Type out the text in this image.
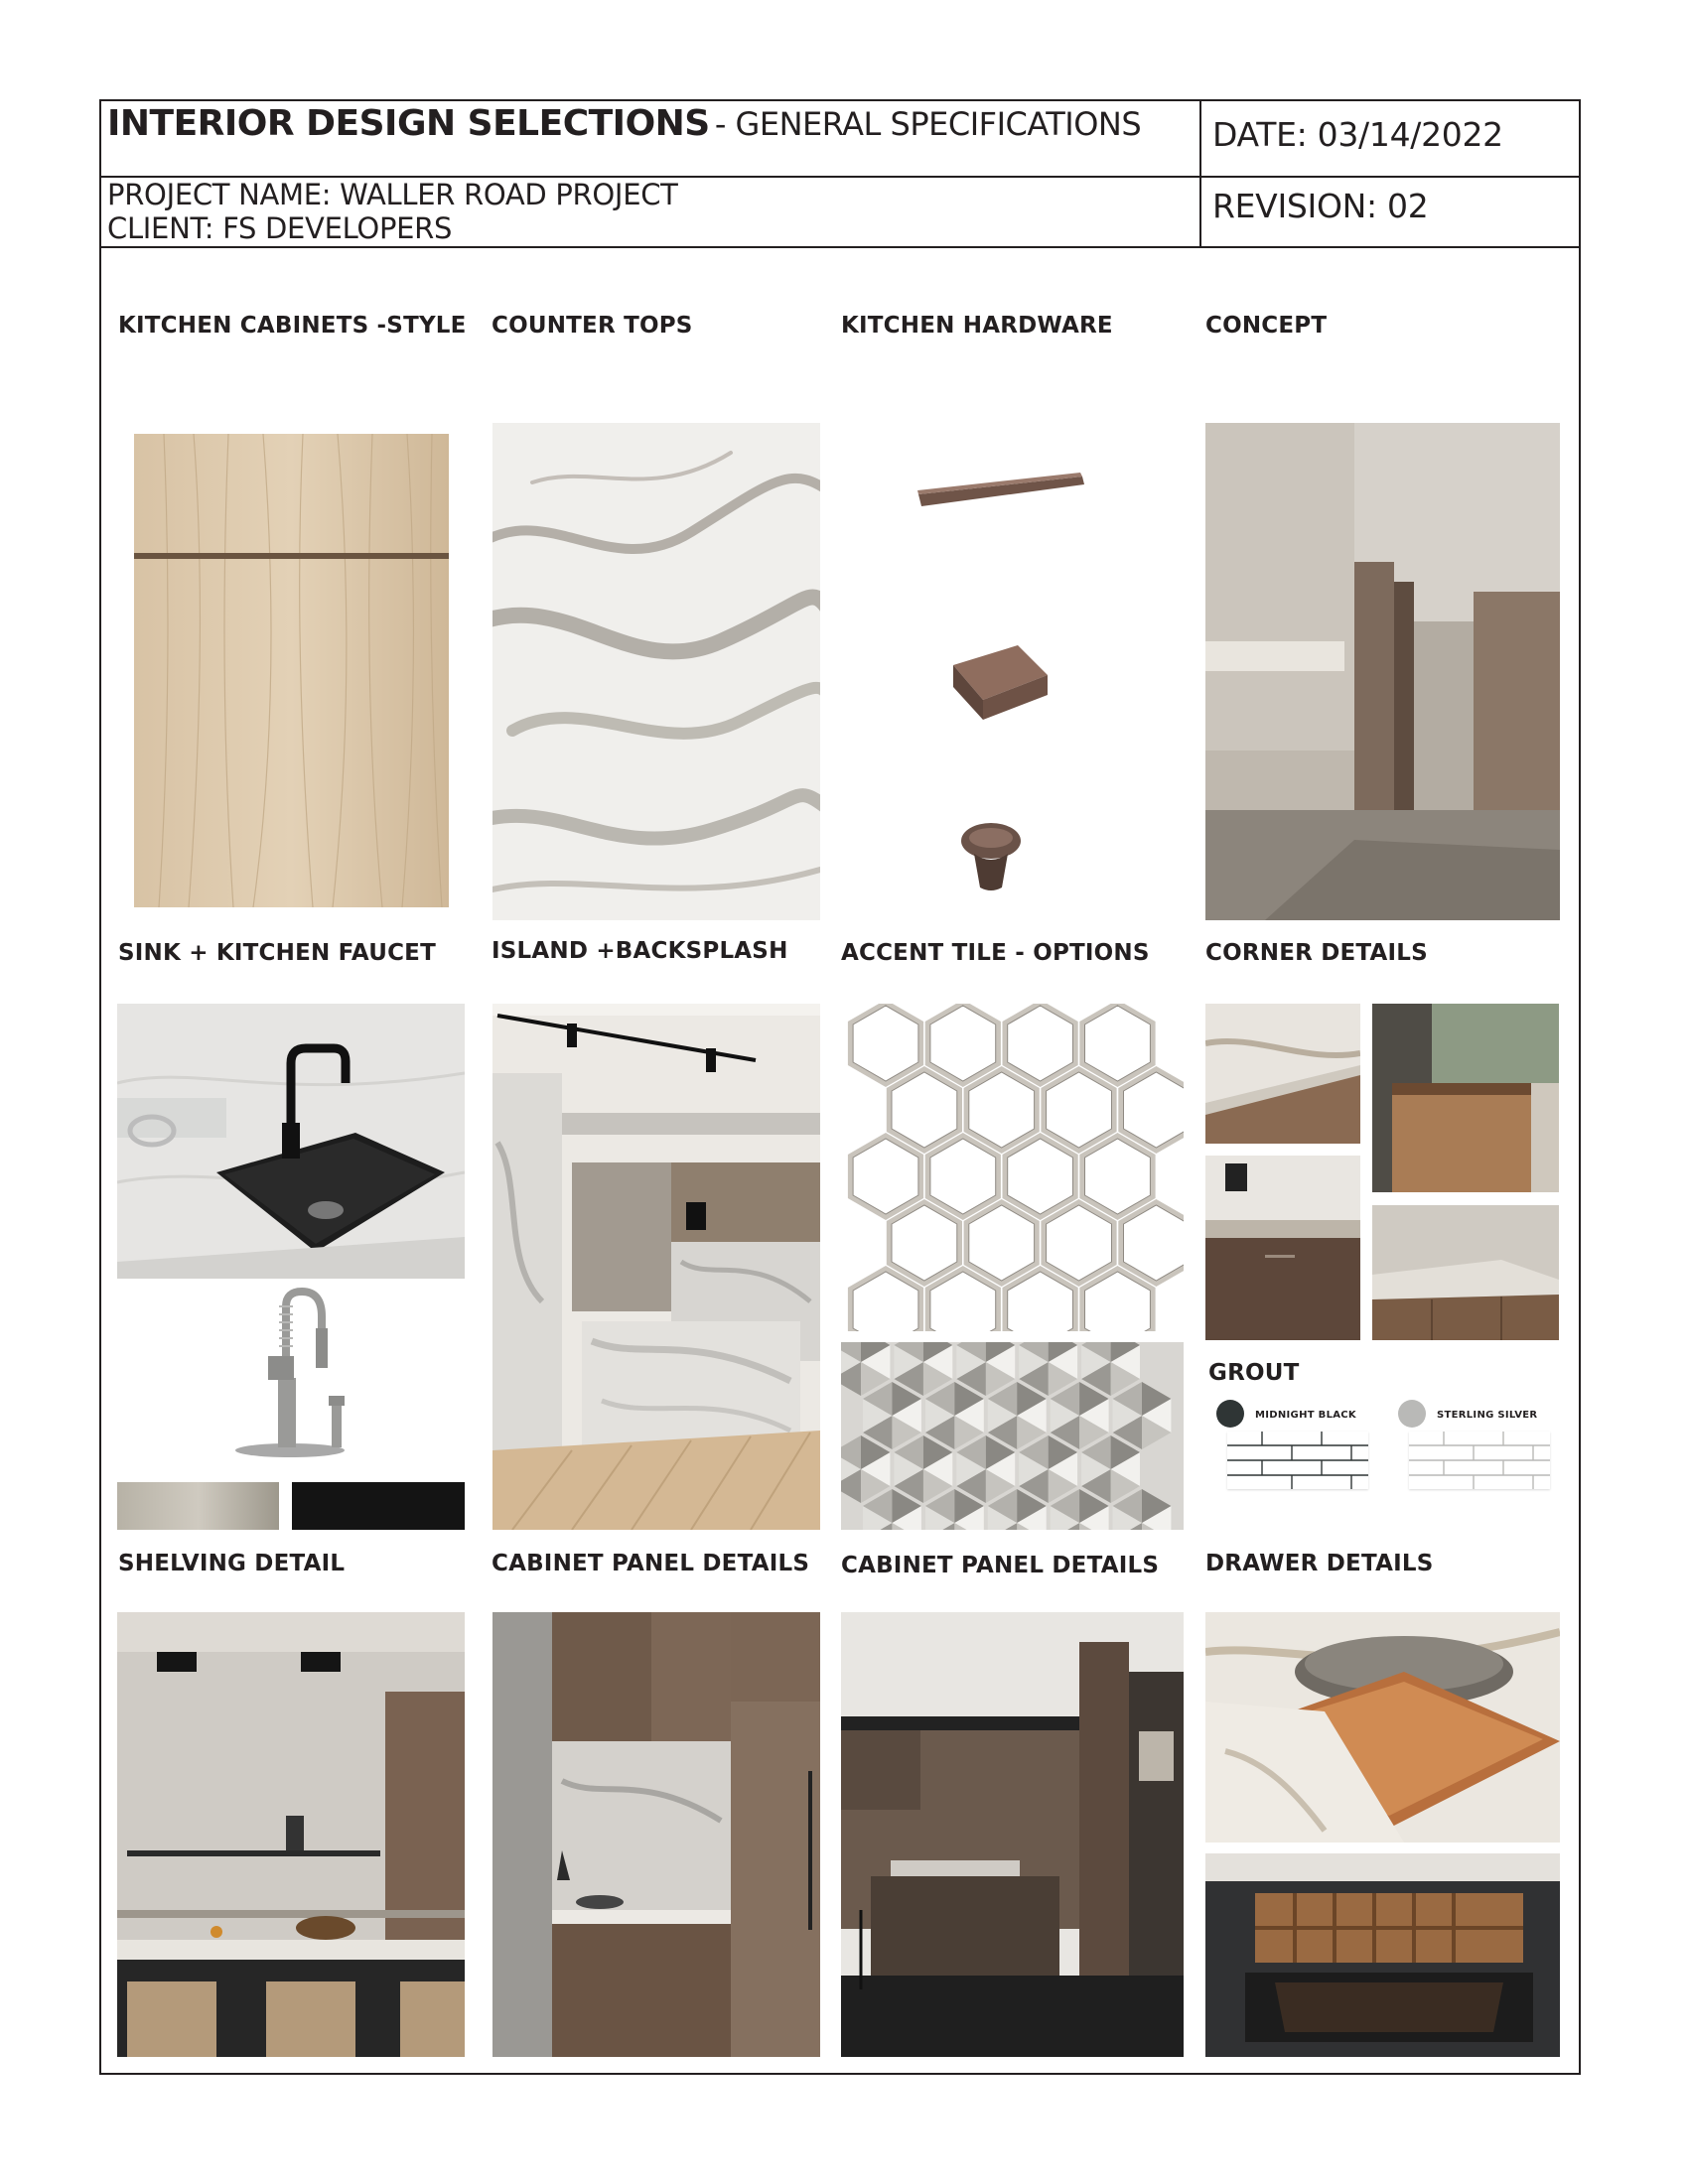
INTERIOR DESIGN SELECTIONS - GENERAL SPECIFICATIONS DATE: 03/14/2022
PROJECT NAME: WALLER ROAD PROJECT
CLIENT: FS DEVELOPERS
REVISION: 02
KITCHEN CABINETS -STYLE COUNTER TOPS	KITCHEN HARDWARE	CONCEPT
SINK + KITCHEN FAUCET ISLAND +BACKSPLASH ACCENT TILE - OPTIONS CORNER DETAILS
GROUT
MIDNIGHT BLACK	STERLING SILVER
SHELVING DETAIL	CABINET PANEL DETAILS CABINET PANEL DETAILS DRAWER DETAILS
